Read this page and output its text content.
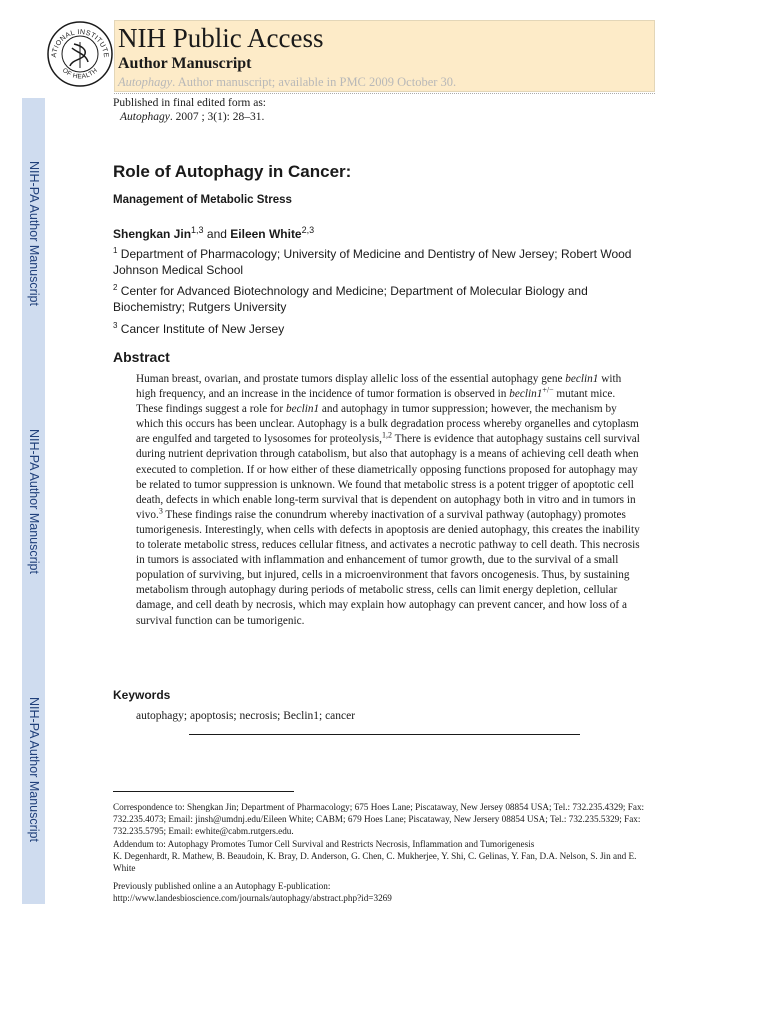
NIH-PA Author Manuscript
NIH-PA Author Manuscript
NIH-PA Author Manuscript
ATIONAL INSTITUTE
OF HEALTH
NIH Public Access
Author Manuscript
Autophagy. Author manuscript; available in PMC 2009 October 30.
Published in final edited form as:
Autophagy. 2007 ; 3(1): 28–31.
Role of Autophagy in Cancer:
Management of Metabolic Stress
Shengkan Jin$^{1,3}$ and Eileen White$^{2,3}$
$^1$ Department of Pharmacology; University of Medicine and Dentistry of New Jersey; Robert Wood Johnson Medical School
$^2$ Center for Advanced Biotechnology and Medicine; Department of Molecular Biology and Biochemistry; Rutgers University
$^3$ Cancer Institute of New Jersey
Abstract
Human breast, ovarian, and prostate tumors display allelic loss of the essential autophagy gene beclin1 with high frequency, and an increase in the incidence of tumor formation is observed in beclin1+/− mutant mice. These findings suggest a role for beclin1 and autophagy in tumor suppression; however, the mechanism by which this occurs has been unclear. Autophagy is a bulk degradation process whereby organelles and cytoplasm are engulfed and targeted to lysosomes for proteolysis,$^{1,2}$ There is evidence that autophagy sustains cell survival during nutrient deprivation through catabolism, but also that autophagy is a means of achieving cell death when executed to completion. If or how either of these diametrically opposing functions proposed for autophagy may be related to tumor suppression is unknown. We found that metabolic stress is a potent trigger of apoptotic cell death, defects in which enable long-term survival that is dependent on autophagy both in vitro and in tumors in vivo.$^3$ These findings raise the conundrum whereby inactivation of a survival pathway (autophagy) promotes tumorigenesis. Interestingly, when cells with defects in apoptosis are denied autophagy, this creates the inability to tolerate metabolic stress, reduces cellular fitness, and activates a necrotic pathway to cell death. This necrosis in tumors is associated with inflammation and enhancement of tumor growth, due to the survival of a small population of surviving, but injured, cells in a microenvironment that favors oncogenesis. Thus, by sustaining metabolism through autophagy during periods of metabolic stress, cells can limit energy depletion, cellular damage, and cell death by necrosis, which may explain how autophagy can prevent cancer, and how loss of a survival function can be tumorigenic.
Keywords
autophagy; apoptosis; necrosis; Beclin1; cancer
Correspondence to: Shengkan Jin; Department of Pharmacology; 675 Hoes Lane; Piscataway, New Jersey 08854 USA; Tel.: 732.235.4329; Fax: 732.235.4073; Email: jinsh@umdnj.edu/Eileen White; CABM; 679 Hoes Lane; Piscataway, New Jersery 08854 USA; Tel.: 732.235.5329; Fax: 732.235.5795; Email: ewhite@cabm.rutgers.edu.
Addendum to: Autophagy Promotes Tumor Cell Survival and Restricts Necrosis, Inflammation and Tumorigenesis
K. Degenhardt, R. Mathew, B. Beaudoin, K. Bray, D. Anderson, G. Chen, C. Mukherjee, Y. Shi, C. Gelinas, Y. Fan, D.A. Nelson, S. Jin and E. White
Previously published online a an Autophagy E-publication:
http://www.landesbioscience.com/journals/autophagy/abstract.php?id=3269
